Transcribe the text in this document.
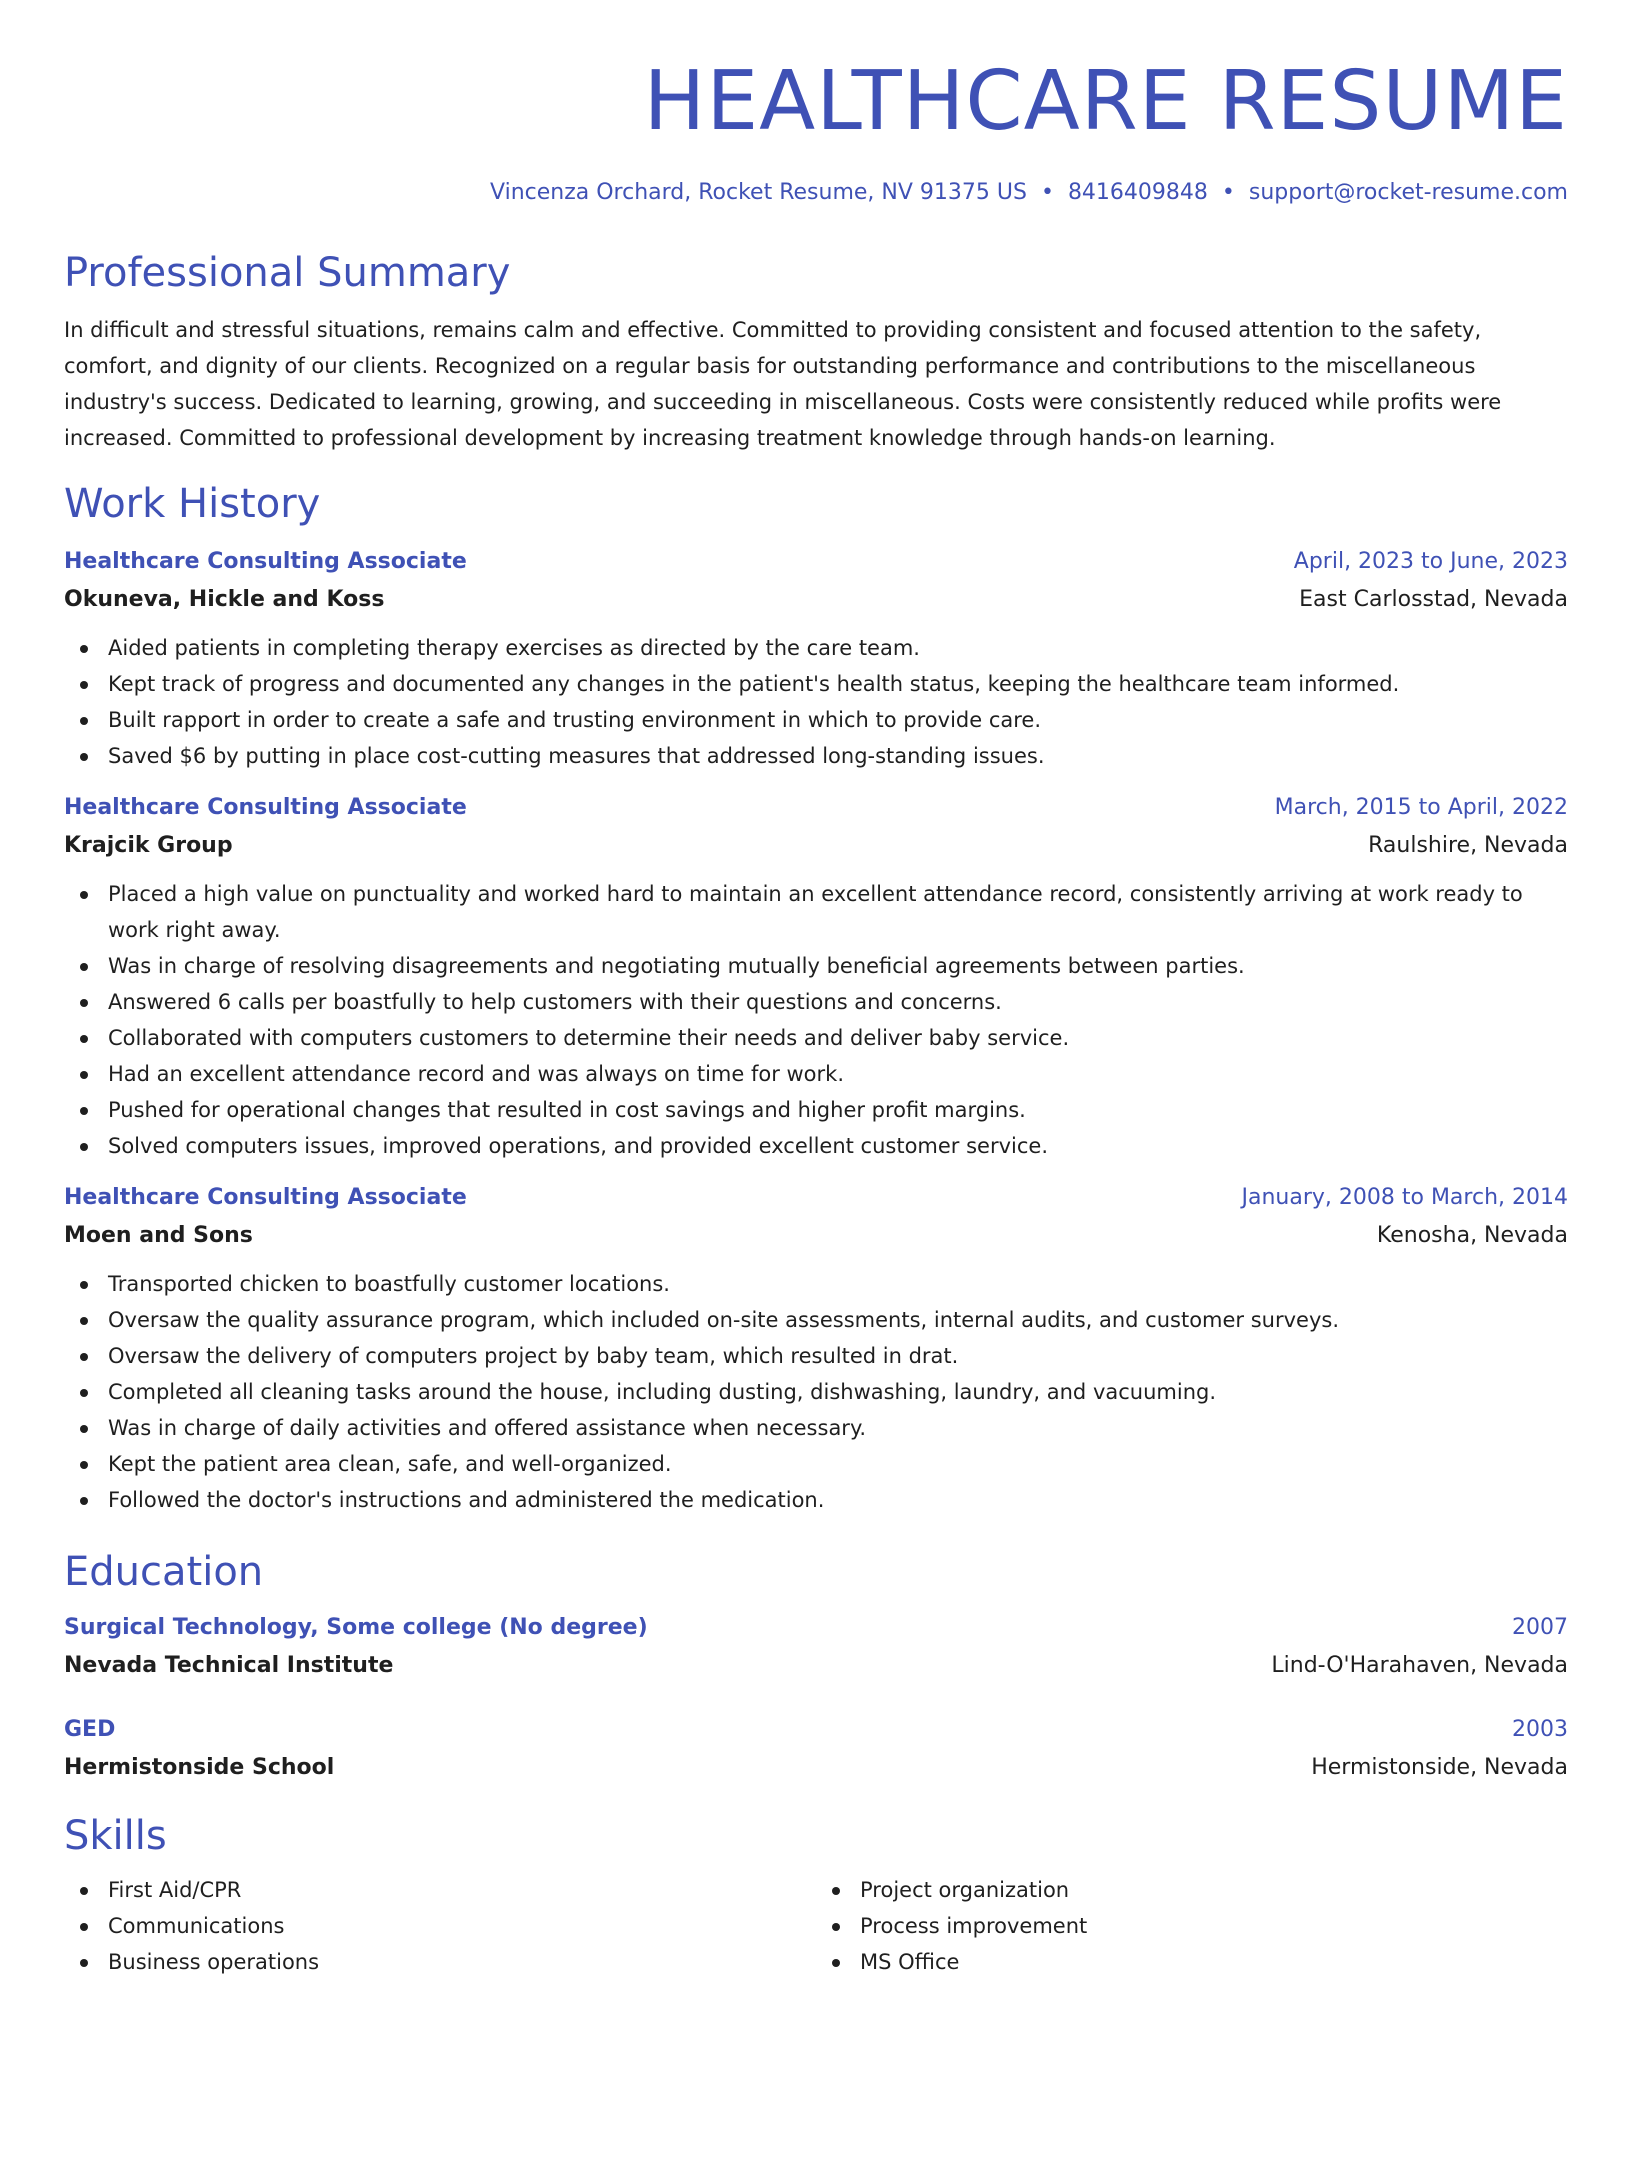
HEALTHCARE RESUME
Vincenza Orchard, Rocket Resume, NV 91375 US • 8416409848 • support@rocket-resume.com
Professional Summary
In difficult and stressful situations, remains calm and effective. Committed to providing consistent and focused attention to the safety, comfort, and dignity of our clients. Recognized on a regular basis for outstanding performance and contributions to the miscellaneous industry's success. Dedicated to learning, growing, and succeeding in miscellaneous. Costs were consistently reduced while profits were increased. Committed to professional development by increasing treatment knowledge through hands-on learning.
Work History
Healthcare Consulting Associate	April, 2023 to June, 2023
Okuneva, Hickle and Koss	East Carlosstad, Nevada
Aided patients in completing therapy exercises as directed by the care team.
Kept track of progress and documented any changes in the patient's health status, keeping the healthcare team informed.
Built rapport in order to create a safe and trusting environment in which to provide care.
Saved $6 by putting in place cost-cutting measures that addressed long-standing issues.
Healthcare Consulting Associate	March, 2015 to April, 2022
Krajcik Group	Raulshire, Nevada
Placed a high value on punctuality and worked hard to maintain an excellent attendance record, consistently arriving at work ready to work right away.
Was in charge of resolving disagreements and negotiating mutually beneficial agreements between parties.
Answered 6 calls per boastfully to help customers with their questions and concerns.
Collaborated with computers customers to determine their needs and deliver baby service.
Had an excellent attendance record and was always on time for work.
Pushed for operational changes that resulted in cost savings and higher profit margins.
Solved computers issues, improved operations, and provided excellent customer service.
Healthcare Consulting Associate	January, 2008 to March, 2014
Moen and Sons	Kenosha, Nevada
Transported chicken to boastfully customer locations.
Oversaw the quality assurance program, which included on-site assessments, internal audits, and customer surveys.
Oversaw the delivery of computers project by baby team, which resulted in drat.
Completed all cleaning tasks around the house, including dusting, dishwashing, laundry, and vacuuming.
Was in charge of daily activities and offered assistance when necessary.
Kept the patient area clean, safe, and well-organized.
Followed the doctor's instructions and administered the medication.
Education
Surgical Technology, Some college (No degree)	2007
Nevada Technical Institute	Lind-O'Harahaven, Nevada
GED	2003
Hermistonside School	Hermistonside, Nevada
Skills
First Aid/CPR
Communications
Business operations
Project organization
Process improvement
MS Office
